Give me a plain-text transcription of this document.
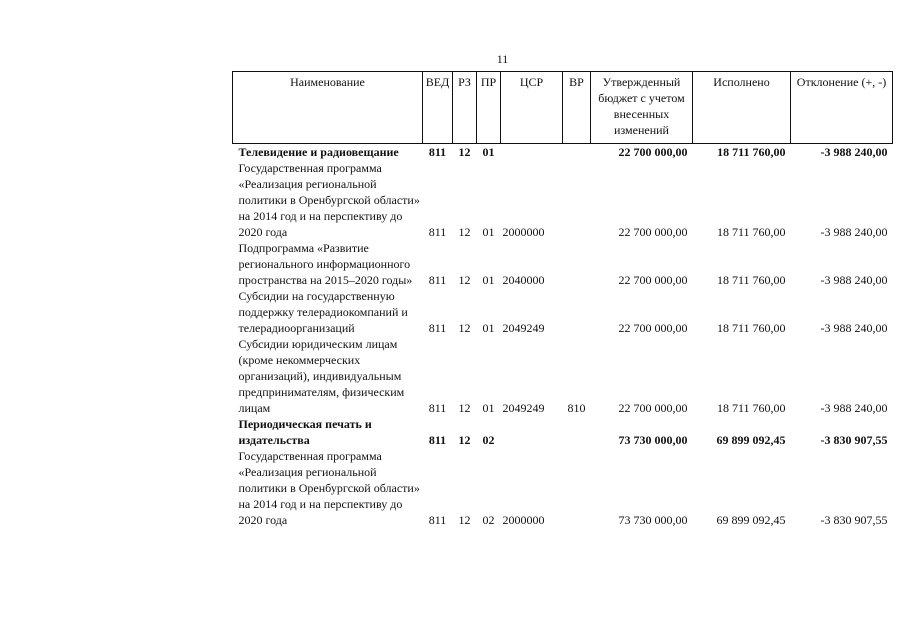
11
Наименование	ВЕД	РЗ	ПР	ЦСР	ВР	Утвержденный бюджет с учетом внесенных изменений	Исполнено	Отклонение (+, -)
Телевидение и радиовещание	811	12	01			22 700 000,00	18 711 760,00	-3 988 240,00
Государственная программа «Реализация региональной политики в Оренбургской области» на 2014 год и на перспективу до 2020 года	811	12	01	2000000		22 700 000,00	18 711 760,00	-3 988 240,00
Подпрограмма «Развитие регионального информационного пространства на 2015–2020 годы»	811	12	01	2040000		22 700 000,00	18 711 760,00	-3 988 240,00
Субсидии на государственную поддержку телерадиокомпаний и телерадиоорганизаций	811	12	01	2049249		22 700 000,00	18 711 760,00	-3 988 240,00
Субсидии юридическим лицам (кроме некоммерческих организаций), индивидуальным предпринимателям, физическим лицам	811	12	01	2049249	810	22 700 000,00	18 711 760,00	-3 988 240,00
Периодическая печать и издательства	811	12	02			73 730 000,00	69 899 092,45	-3 830 907,55
Государственная программа «Реализация региональной политики в Оренбургской области» на 2014 год и на перспективу до 2020 года	811	12	02	2000000		73 730 000,00	69 899 092,45	-3 830 907,55
